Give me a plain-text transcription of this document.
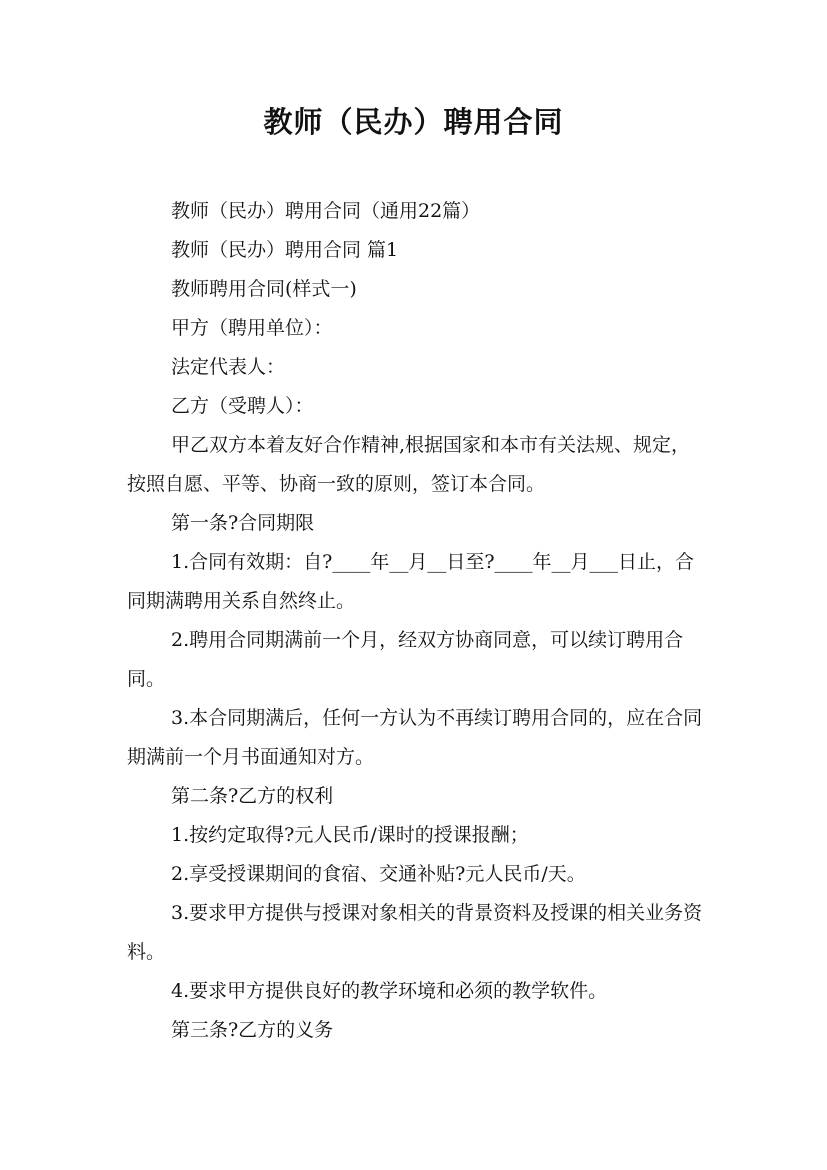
教师（民办）聘用合同

教师（民办）聘用合同（通用22篇）

教师（民办）聘用合同 篇1

教师聘用合同(样式一)

甲方（聘用单位）：

法定代表人：

乙方（受聘人）：

甲乙双方本着友好合作精神,根据国家和本市有关法规、规定，按照自愿、平等、协商一致的原则，签订本合同。

第一条?合同期限

1.合同有效期：自?____年__月__日至?____年__月___日止，合同期满聘用关系自然终止。

2.聘用合同期满前一个月，经双方协商同意，可以续订聘用合同。

3.本合同期满后，任何一方认为不再续订聘用合同的，应在合同期满前一个月书面通知对方。

第二条?乙方的权利

1.按约定取得?元人民币/课时的授课报酬；

2.享受授课期间的食宿、交通补贴?元人民币/天。

3.要求甲方提供与授课对象相关的背景资料及授课的相关业务资料。

4.要求甲方提供良好的教学环境和必须的教学软件。

第三条?乙方的义务
